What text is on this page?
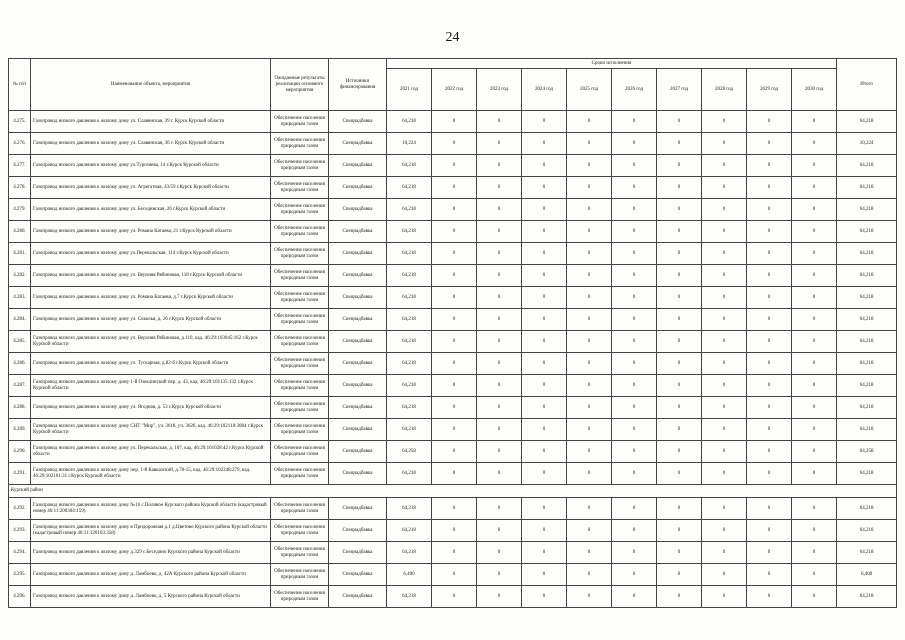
24
№ п/п	Наименование объекта, мероприятия	Ожидаемые результаты реализации основного мероприятия	Источники финансирования	Сроки исполнения										Итого
				2021 год	2022 год	2023 год	2024 год	2025 год	2026 год	2027 год	2028 год	2029 год	2030 год	
4.275.	Газопровод низкого давления к жилому дому ул. Славянская, 39 г. Курск Курской области	Обеспечение населения природным газом	Спецнадбавка	64,218	0	0	0	0	0	0	0	0	0	64,218
4.276.	Газопровод низкого давления к жилому дому ул. Славянская, 36 г. Курск Курской области	Обеспечение населения природным газом	Спецнадбавка	10,224	0	0	0	0	0	0	0	0	0	10,224
4.277.	Газопровод низкого давления к жилому дому ул.Тургенева, 14 г.Курск Курской области	Обеспечение населения природным газом	Спецнадбавка	64,218	0	0	0	0	0	0	0	0	0	64,218
4.278.	Газопровод низкого давления к жилому дому ул. Агрегатная, 43/59 г.Курск Курской области	Обеспечение населения природным газом	Спецнадбавка	64,218	0	0	0	0	0	0	0	0	0	64,218
4.279.	Газопровод низкого давления к жилому дому ул. Бесединская, 26 г.Курск Курской области	Обеспечение населения природным газом	Спецнадбавка	64,218	0	0	0	0	0	0	0	0	0	64,218
4.280.	Газопровод низкого давления к жилому дому ул. Романа Катаева, 21 г.Курск Курской области	Обеспечение населения природным газом	Спецнадбавка	64,218	0	0	0	0	0	0	0	0	0	64,218
4.281.	Газопровод низкого давления к жилому дому ул.Перекальская, 114 г.Курск Курской области	Обеспечение населения природным газом	Спецнадбавка	64,218	0	0	0	0	0	0	0	0	0	64,218
4.282.	Газопровод низкого давления к жилому дому ул. Верхняя Рябиновая, 118 г.Курск Курской области	Обеспечение населения природным газом	Спецнадбавка	64,218	0	0	0	0	0	0	0	0	0	64,218
4.283.	Газопровод низкого давления к жилому дому ул. Романа Катаева, д.7 г.Курск Курской области	Обеспечение населения природным газом	Спецнадбавка	64,218	0	0	0	0	0	0	0	0	0	64,218
4.284.	Газопровод низкого давления к жилому дому ул. Соколья, д. 26 г.Курск Курской области	Обеспечение населения природным газом	Спецнадбавка	64,218	0	0	0	0	0	0	0	0	0	64,218
4.285.	Газопровод низкого давления к жилому дому ул. Верхняя Рябиновая, д.110, кад. 46:29:103045:162 г.Курск Курской области	Обеспечение населения природным газом	Спецнадбавка	64,218	0	0	0	0	0	0	0	0	0	64,218
4.286.	Газопровод низкого давления к жилому дому ул. Тускарная, д.82-б г.Курск Курской области	Обеспечение населения природным газом	Спецнадбавка	64,218	0	0	0	0	0	0	0	0	0	64,218
4.287.	Газопровод низкого давления к жилому дому 1-й Озеклинский пер. д. 43, кад. 46:29:101135:132 г.Курск Курской области	Обеспечение населения природным газом	Спецнадбавка	64,218	0	0	0	0	0	0	0	0	0	64,218
4.288.	Газопровод низкого давления к жилому дому ул. Ягодная, д. 53 г.Курск Курской области	Обеспечение населения природным газом	Спецнадбавка	64,218	0	0	0	0	0	0	0	0	0	64,218
4.289.	Газопровод низкого давления к жилому дому СНТ "Мир", уч. 3618, уч. 3626, кад. 46:29:102118:3084 г.Курск Курской области	Обеспечение населения природным газом	Спецнадбавка	64,218	0	0	0	0	0	0	0	0	0	64,218
4.290.	Газопровод низкого давления к жилому дому ул. Перекальская, д. 107, кад. 46:29:101028:42 г.Курск Курской области	Обеспечение населения природным газом	Спецнадбавка	64,258	0	0	0	0	0	0	0	0	0	64,258
4.291.	Газопровод низкого давления к жилому дому пер. 1-й Кавказский, д.78-15, кад. 46:29:102248:279, кад. 46:29:102101:31 г.Курск Курской области	Обеспечение населения природным газом	Спецнадбавка	64,218	0	0	0	0	0	0	0	0	0	64,218
Курский район														
4.292.	Газопровод низкого давления к жилому дому №16 с.Поляное Курского района Курской области (кадастровый номер 46:11:200304:159)	Обеспечение населения природным газом	Спецнадбавка	64,218	0	0	0	0	0	0	0	0	0	64,218
4.293.	Газопровод низкого давления к жилому дому в Придорожная д.1 д.Цветово Курского района Курской области (кадастровый номер 46:11:120103:358)	Обеспечение населения природным газом	Спецнадбавка	64,218	0	0	0	0	0	0	0	0	0	64,218
4.294.	Газопровод низкого давления к жилому дому д.329 с.Беседино Курского района Курской области	Обеспечение населения природным газом	Спецнадбавка	64,218	0	0	0	0	0	0	0	0	0	64,218
4.295.	Газопровод низкого давления к жилому дому д. Ламбоево, д. 42А Курского района Курской области	Обеспечение населения природным газом	Спецнадбавка	6,400	0	0	0	0	0	0	0	0	0	6,400
4.296.	Газопровод низкого давления к жилому дому д. Ламбоево, д. 5 Курского района Курской области	Обеспечение населения природным газом	Спецнадбавка	64,218	0	0	0	0	0	0	0	0	0	64,218
